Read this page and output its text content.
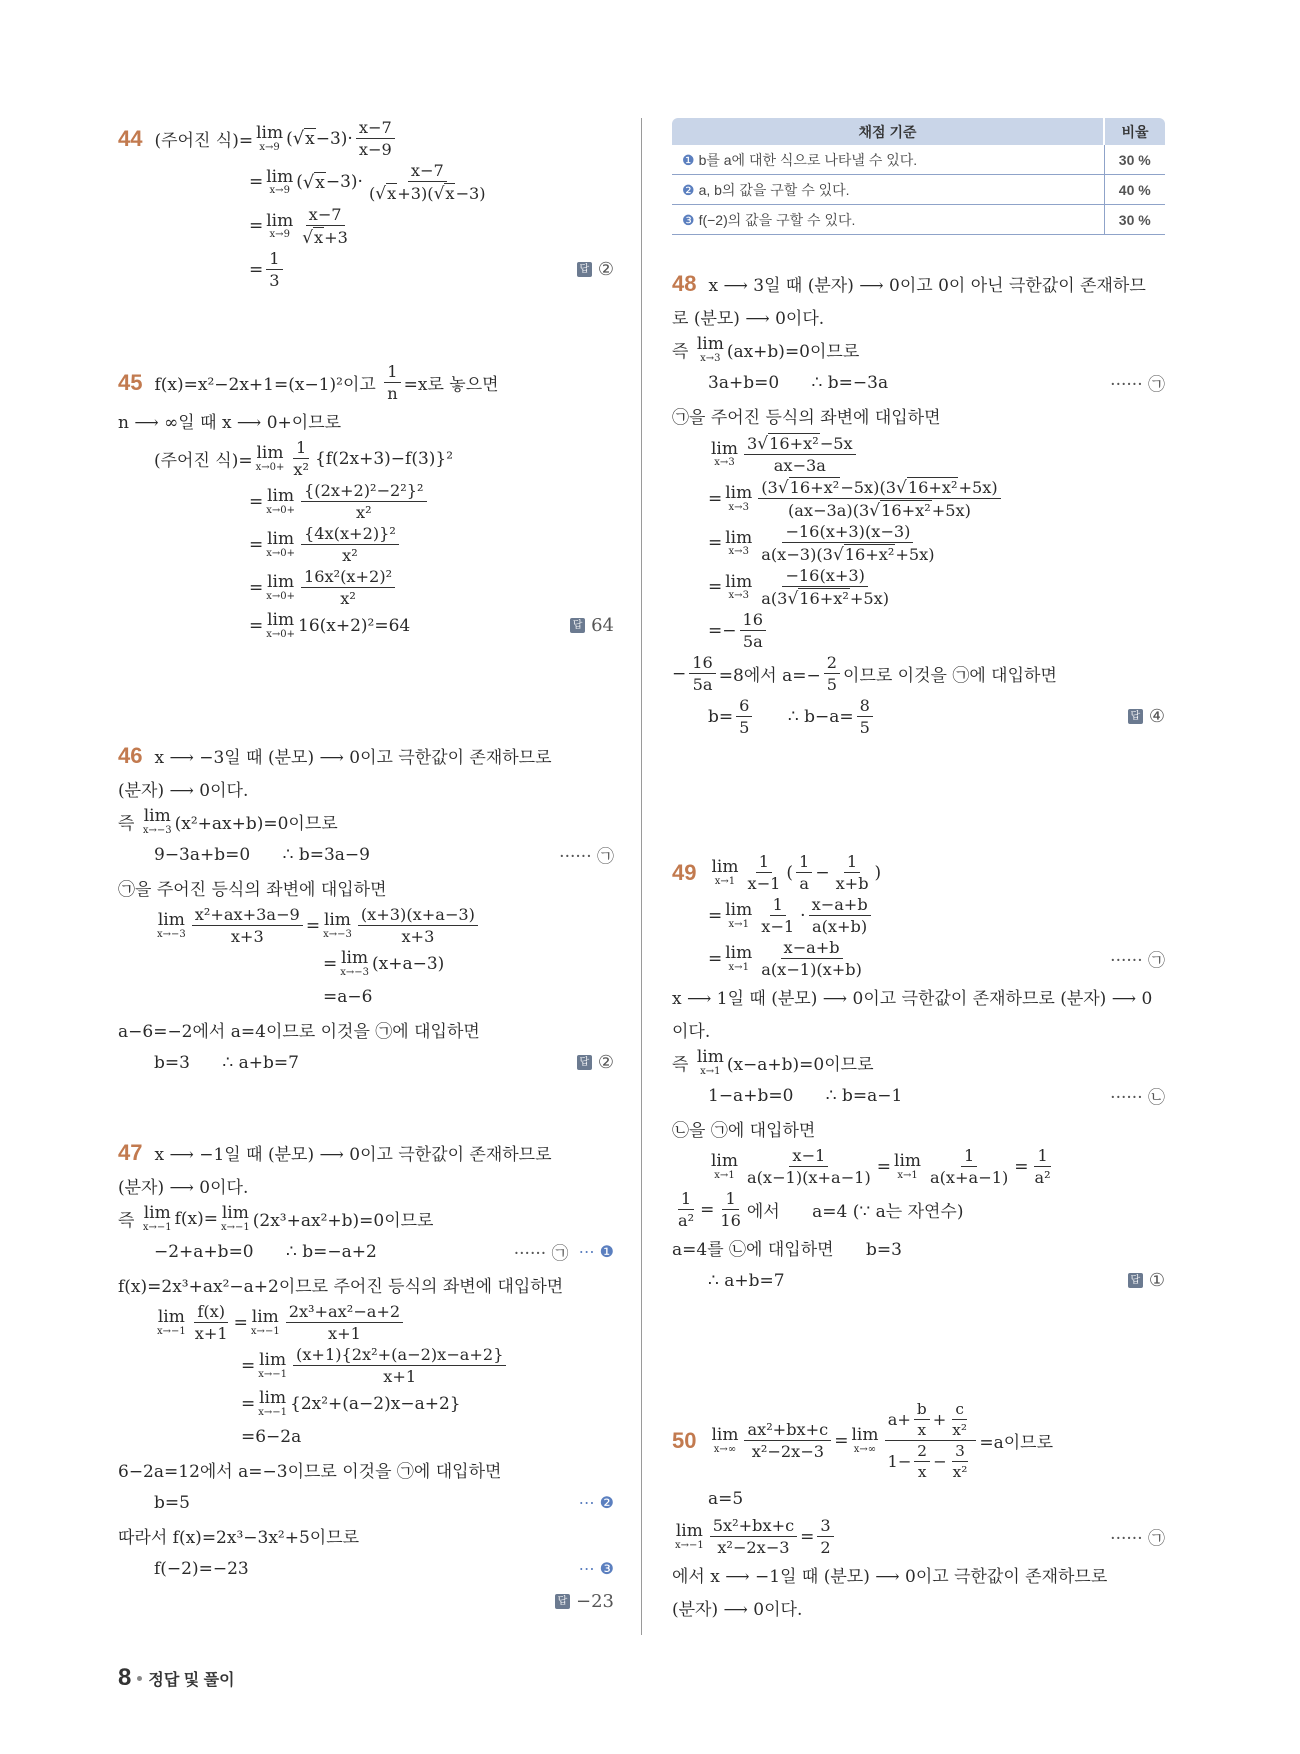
44 (주어진 식)= lim
x→9 ( √ $x -3)\cdot \frac{x-7}{x-9}$
= lim
x→9 ( √ $x -3)\cdot \frac{x-7}{( √ x +3)( √ x -3)}$
= lim
$x\to 9 \frac{x-7}{√ x +3}$
= $\frac{1}{3}$	답 ②
45 f(x)=x²−2x+1=(x−1)²이고 $\frac{1}{n} =x$로 놓으면
n ⟶ ∞일 때 x ⟶ 0+이므로
(주어진 식)= lim
$x\to 0+ \frac{1}{\text{x²}} \{f(2x+3)-f(3)\}^2$
= lim
$x\to 0+ \frac{\text{\{(2x+2)²−2²\}²}}{\text{x²}}$
= lim
$x\to 0+ \frac{\text{\{4x(x+2)\}²}}{\text{x²}}$
= lim
$x\to 0+ \frac{\text{16x²(x+2)²}}{\text{x²}}$
= lim
x→0+ 16(x+2)²=64	답 64
46 x ⟶ −3일 때 (분모) ⟶ 0이고 극한값이 존재하므로
(분자) ⟶ 0이다.
즉 lim
x→−3 (x²+ax+b)=0이므로
9−3a+b=0      ∴ b=3a−9	······ ㉠
㉠을 주어진 등식의 좌변에 대입하면
lim
$x\to-3 \frac{\text{x²+ax+3a−9}}{x+3} = \lim$
$x\to-3 \frac{(x+3)(x+a-3)}{x+3}$
= lim
x→−3 (x+a−3)
=a−6
a−6=−2에서 a=4이므로 이것을 ㉠에 대입하면
b=3      ∴ a+b=7	답 ②
47 x ⟶ −1일 때 (분모) ⟶ 0이고 극한값이 존재하므로
(분자) ⟶ 0이다.
즉 lim
x→−1 f(x)= lim
x→−1 (2x³+ax²+b)=0이므로
−2+a+b=0      ∴ b=−a+2	······ ㉠	⋯ ❶
f(x)=2x³+ax²−a+2이므로 주어진 등식의 좌변에 대입하면
lim
$x\to-1 \frac{f(x)}{x+1} = \lim$
$x\to-1 \frac{\text{2x³+ax²−a+2}}{x+1}$
= lim
$x\to-1 \frac{\text{(x+1)\{2x²+(a−2)x−a+2\}}}{x+1}$
= lim
x→−1 {2x²+(a−2)x−a+2}
=6−2a
6−2a=12에서 a=−3이므로 이것을 ㉠에 대입하면
b=5	⋯ ❷
따라서 f(x)=2x³−3x²+5이므로
f(−2)=−23	⋯ ❸
답 −23
채점 기준	비율
❶ b를 a에 대한 식으로 나타낼 수 있다.	30 %
❷ a, b의 값을 구할 수 있다.	40 %
❸ f(−2)의 값을 구할 수 있다.	30 %
48 x ⟶ 3일 때 (분자) ⟶ 0이고 0이 아닌 극한값이 존재하므
로 (분모) ⟶ 0이다.
즉 lim
x→3 (ax+b)=0이므로
3a+b=0      ∴ b=−3a	······ ㉠
㉠을 주어진 등식의 좌변에 대입하면
lim
$x\to 3 \frac{\text{3 √ 16+x² −5x}}{ax-3a}$
= lim
$x\to 3 \frac{\text{(3 √ 16+x² −5x)(3 √ 16+x² +5x)}}{\text{(ax−3a)(3 √ 16+x² +5x)}}$
= lim
$x\to 3 \frac{-16(x+3)(x-3)}{\text{a(x−3)(3 √ 16+x² +5x)}}$
= lim
$x\to 3 \frac{-16(x+3)}{\text{a(3 √ 16+x² +5x)}}$
=− $\frac{16}{5a}$
− $\frac{16}{5a} =8$에서 $a=- \frac{2}{5}$ 이므로 이것을 ㉠에 대입하면
$b= \frac{6}{5}$ ∴ $b-a= \frac{8}{5}$	답 ④
49 lim
$x\to 1 \frac{1}{x-1}$ ( $\frac{1}{a} - \frac{1}{x+b}$ )
= lim
$x\to 1 \frac{1}{x-1} \cdot \frac{x-a+b}{a(x+b)}$
= lim
$x\to 1 \frac{x-a+b}{a(x-1)(x+b)}$	······ ㉠
x ⟶ 1일 때 (분모) ⟶ 0이고 극한값이 존재하므로 (분자) ⟶ 0
이다.
즉 lim
x→1 (x−a+b)=0이므로
1−a+b=0      ∴ b=a−1	······ ㉡
㉡을 ㉠에 대입하면
lim
$x\to 1 \frac{x-1}{a(x-1)(x+a-1)} = \lim$
$x\to 1 \frac{1}{a(x+a-1)} = \frac{1}{\text{a²}}$
$\frac{1}{\text{a²}} = \frac{1}{16}$ 에서      a=4 (∵ a는 자연수)
a=4를 ㉡에 대입하면      b=3
∴ a+b=7	답 ①
50 lim
$x\to\infty \frac{\text{ax²+bx+c}}{\text{x²−2x−3}} = \lim$
$x\to\infty \frac{a+ \frac{b}{x} + \frac{c}{\text{x²}}}{1- \frac{2}{x} - \frac{3}{\text{x²}}} =a$이므로
a=5
lim
$x\to-1 \frac{\text{5x²+bx+c}}{\text{x²−2x−3}} = \frac{3}{2}$	······ ㉠
에서 x ⟶ −1일 때 (분모) ⟶ 0이고 극한값이 존재하므로
(분자) ⟶ 0이다.
8 정답 및 풀이
